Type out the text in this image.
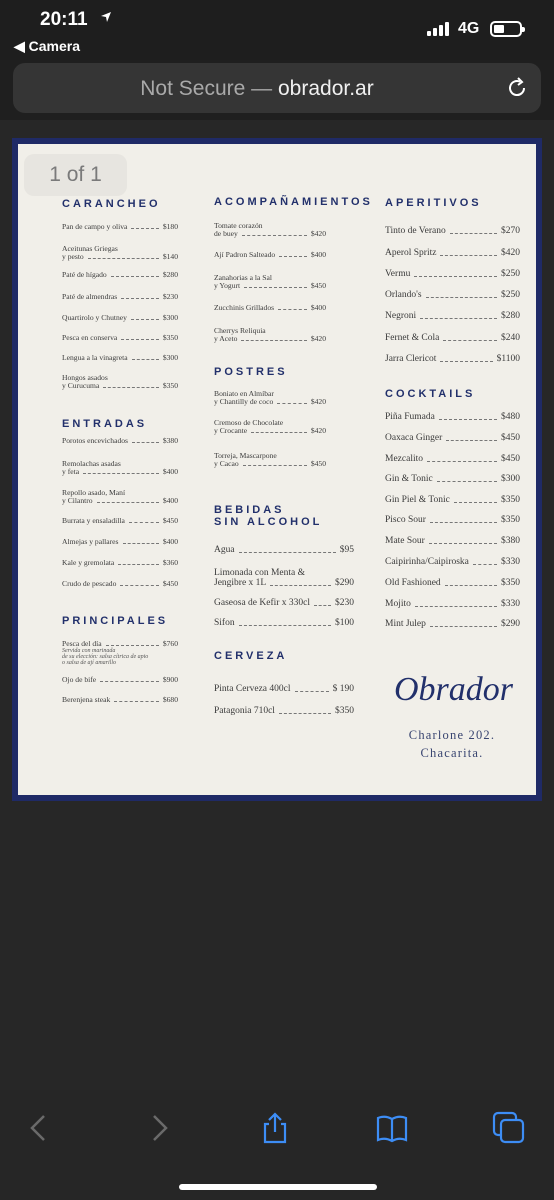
20:11
◀ Camera
4G
Not Secure — obrador.ar
CARANCHEO
Pan de campo y oliva	$180
Aceitunas Griegas
y pesto	$140
Paté de hígado	$280
Paté de almendras	$230
Quartirolo y Chutney	$300
Pesca en conserva	$350
Lengua a la vinagreta	$300
Hongos asados
y Curucuma	$350
ENTRADAS
Porotos encevichados	$380
Remolachas asadas
y feta	$400
Repollo asado, Maní
y Cilantro	$400
Burrata y ensaladilla	$450
Almejas y pallares	$400
Kale y gremolata	$360
Crudo de pescado	$450
PRINCIPALES
Pesca del día
Servida con marinada
de su elección: salsa cítrica de apio
o salsa de ají amarillo
$760
Ojo de bife	$900
Berenjena steak	$680
ACOMPAÑAMIENTOS
Tomate corazón
de buey	$420
Ají Padron Salteado	$400
Zanahorias a la Sal
y Yogurt	$450
Zucchinis Grillados	$400
Cherrys Reliquia
y Aceto	$420
POSTRES
Boniato en Almíbar
y Chantilly de coco	$420
Cremoso de Chocolate
y Crocante	$420
Torreja, Mascarpone
y Cacao	$450
BEBIDAS
SIN ALCOHOL
Agua	$95
Limonada con Menta &
Jengibre x 1L	$290
Gaseosa de Kefir x 330cl	$230
Sifon	$100
CERVEZA
Pinta Cerveza 400cl	$ 190
Patagonia 710cl	$350
APERITIVOS
Tinto de Verano	$270
Aperol Spritz	$420
Vermu	$250
Orlando's	$250
Negroni	$280
Fernet & Cola	$240
Jarra Clericot	$1100
COCKTAILS
Piña Fumada	$480
Oaxaca Ginger	$450
Mezcalito	$450
Gin & Tonic	$300
Gin Piel & Tonic	$350
Pisco Sour	$350
Mate Sour	$380
Caipirinha/Caipiroska	$330
Old Fashioned	$350
Mojito	$330
Mint Julep	$290
Obrador
Charlone 202.
Chacarita.
1 of 1
